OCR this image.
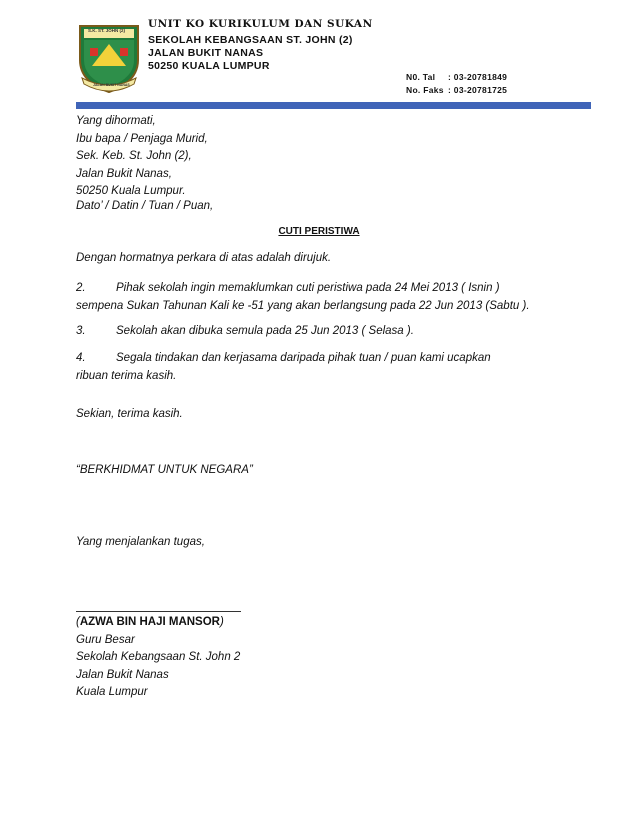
S.K. ST. JOHN (2)
JALAN BUKIT NANAS
UNIT KO KURIKULUM DAN SUKAN
SEKOLAH KEBANGSAAN ST. JOHN (2)
JALAN BUKIT NANAS
50250 KUALA LUMPUR
N0. Tal : 03-20781849
No. Faks : 03-20781725
Yang dihormati,
Ibu bapa / Penjaga Murid,
Sek. Keb. St. John (2),
Jalan Bukit Nanas,
50250 Kuala Lumpur.
Dato’ / Datin / Tuan / Puan,
CUTI PERISTIWA
Dengan hormatnya perkara di atas adalah dirujuk.
2.	Pihak sekolah ingin memaklumkan cuti peristiwa pada 24 Mei 2013 ( Isnin )
sempena Sukan Tahunan Kali ke -51 yang akan berlangsung pada 22 Jun 2013 (Sabtu ).
3.	Sekolah akan dibuka semula pada 25 Jun 2013 ( Selasa ).
4.	Segala tindakan dan kerjasama daripada pihak tuan / puan kami ucapkan
ribuan terima kasih.
Sekian, terima kasih.
“BERKHIDMAT UNTUK NEGARA”
Yang menjalankan tugas,
(AZWA BIN HAJI MANSOR)
Guru Besar
Sekolah Kebangsaan St. John 2
Jalan Bukit Nanas
Kuala Lumpur
